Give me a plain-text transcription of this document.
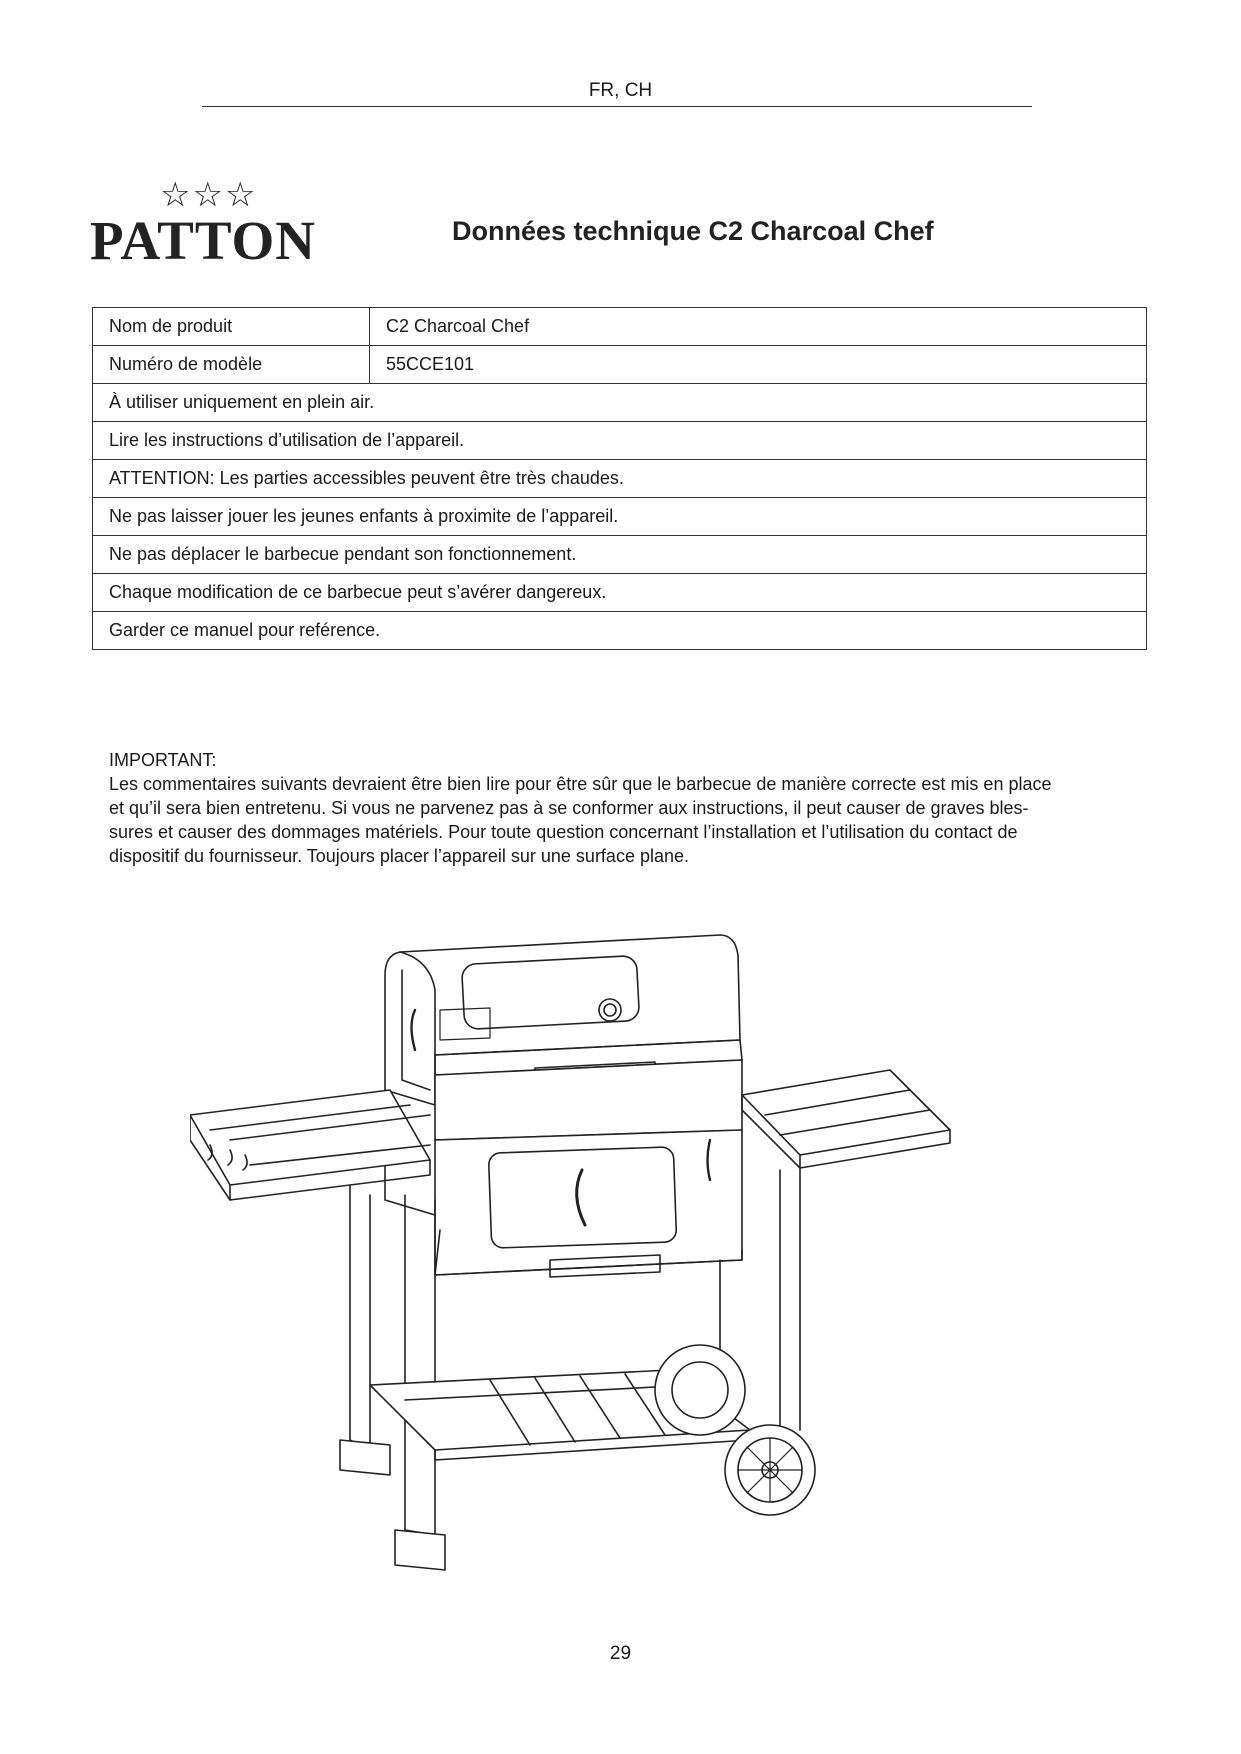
FR, CH
☆☆☆
PATTON	Données technique C2 Charcoal Chef
Nom de produit	C2 Charcoal Chef
Numéro de modèle	55CCE101
À utiliser uniquement en plein air.	
Lire les instructions d’utilisation de l’appareil.	
ATTENTION: Les parties accessibles peuvent être très chaudes.	
Ne pas laisser jouer les jeunes enfants à proximite de l’appareil.	
Ne pas déplacer le barbecue pendant son fonctionnement.	
Chaque modification de ce barbecue peut s’avérer dangereux.	
Garder ce manuel pour reférence.	

IMPORTANT:

Les commentaires suivants devraient être bien lire pour être sûr que le barbecue de manière correcte est mis en place

et qu’il sera bien entretenu. Si vous ne parvenez pas à se conformer aux instructions, il peut causer de graves bles-

sures et causer des dommages matériels. Pour toute question concernant l’installation et l’utilisation du contact de

dispositif du fournisseur. Toujours placer l’appareil sur une surface plane.

29
